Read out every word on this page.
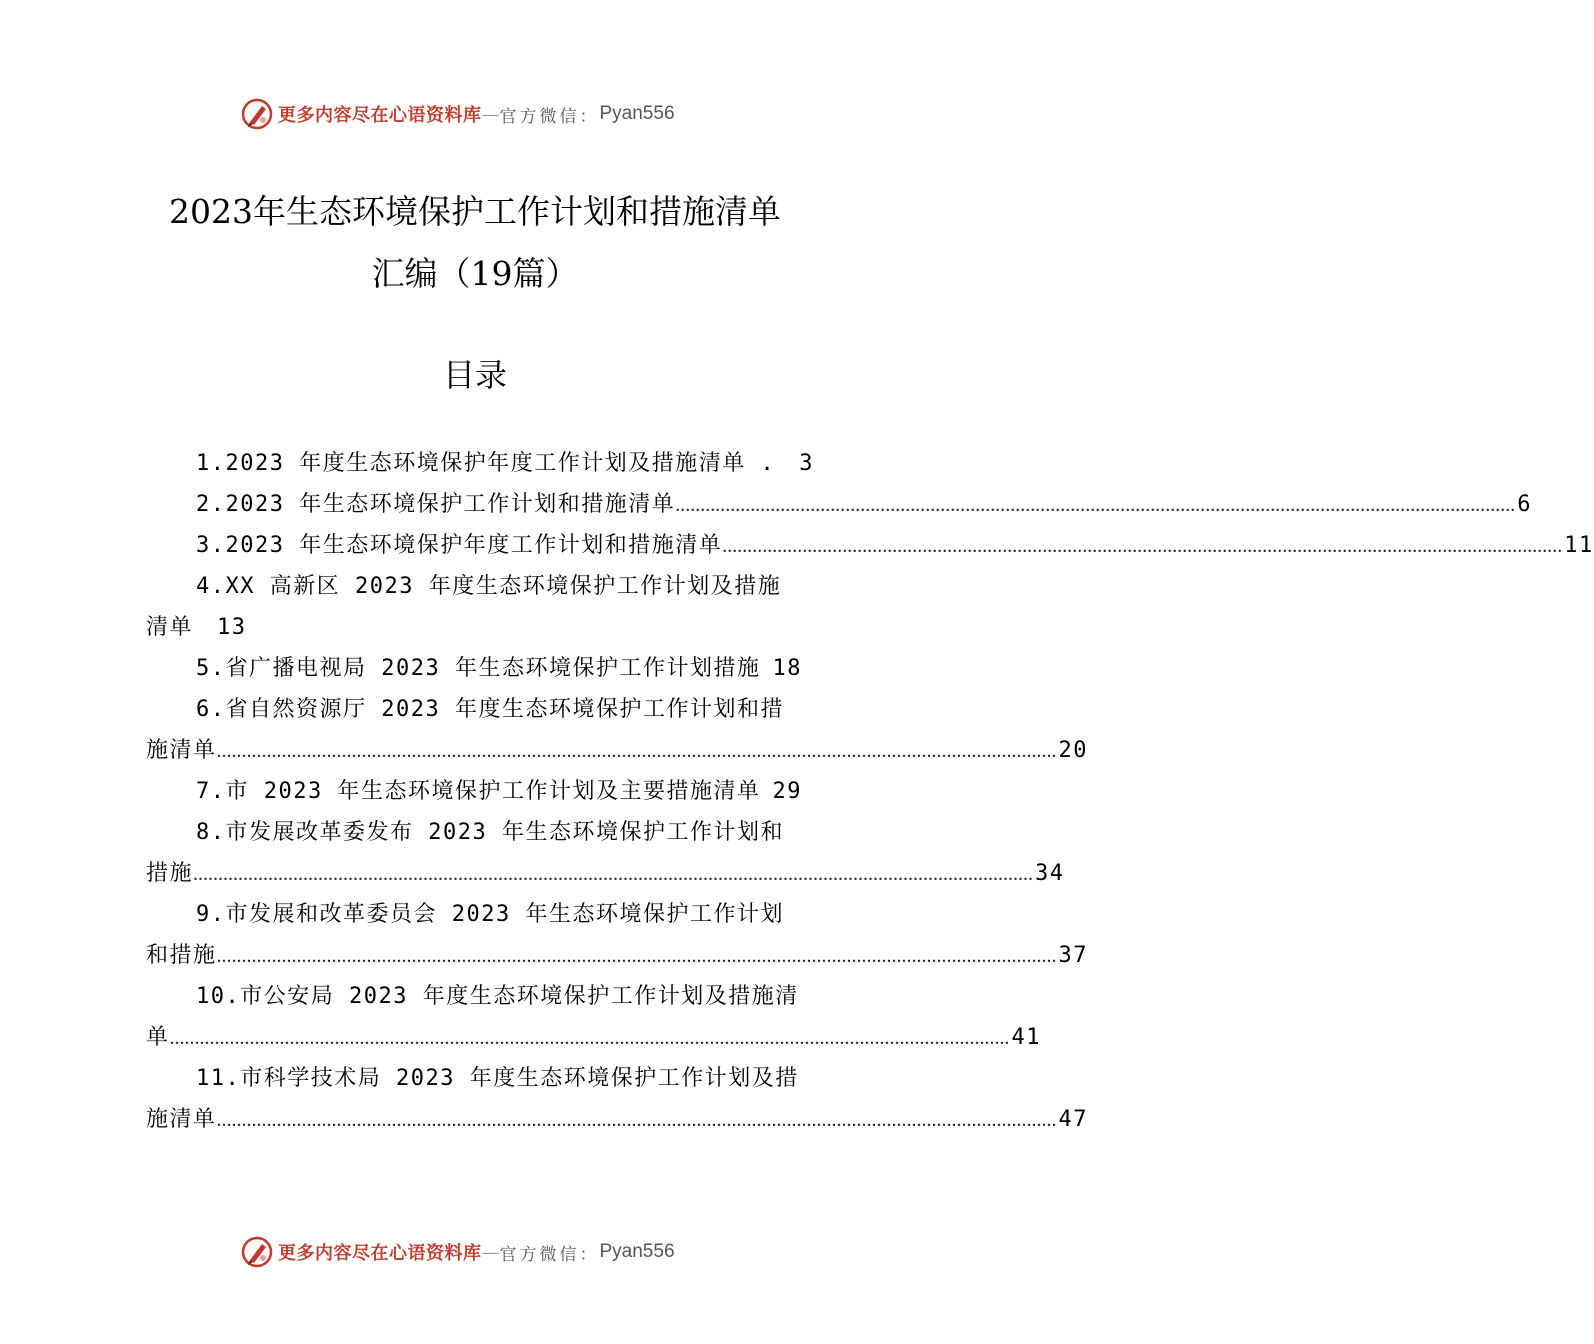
更多内容尽在心语资料库 — 官方微信： Pyan556
2023年生态环境保护工作计划和措施清单
汇编（19篇）
目录
1.2023 年度生态环境保护年度工作计划及措施清单 . 3
2.2023 年生态环境保护工作计划和措施清单 .....	6
3.2023 年生态环境保护年度工作计划和措施清单 .....	11
4.XX 高新区 2023 年度生态环境保护工作计划及措施
清单 13
5.省广播电视局 2023 年生态环境保护工作计划措施 18
6.省自然资源厅 2023 年度生态环境保护工作计划和措
施清单 .....	20
7.市 2023 年生态环境保护工作计划及主要措施清单 29
8.市发展改革委发布 2023 年生态环境保护工作计划和
措施 .....	34
9.市发展和改革委员会 2023 年生态环境保护工作计划
和措施 .....	37
10.市公安局 2023 年度生态环境保护工作计划及措施清
单 .....	41
11.市科学技术局 2023 年度生态环境保护工作计划及措
施清单 .....	47
更多内容尽在心语资料库 — 官方微信： Pyan556
